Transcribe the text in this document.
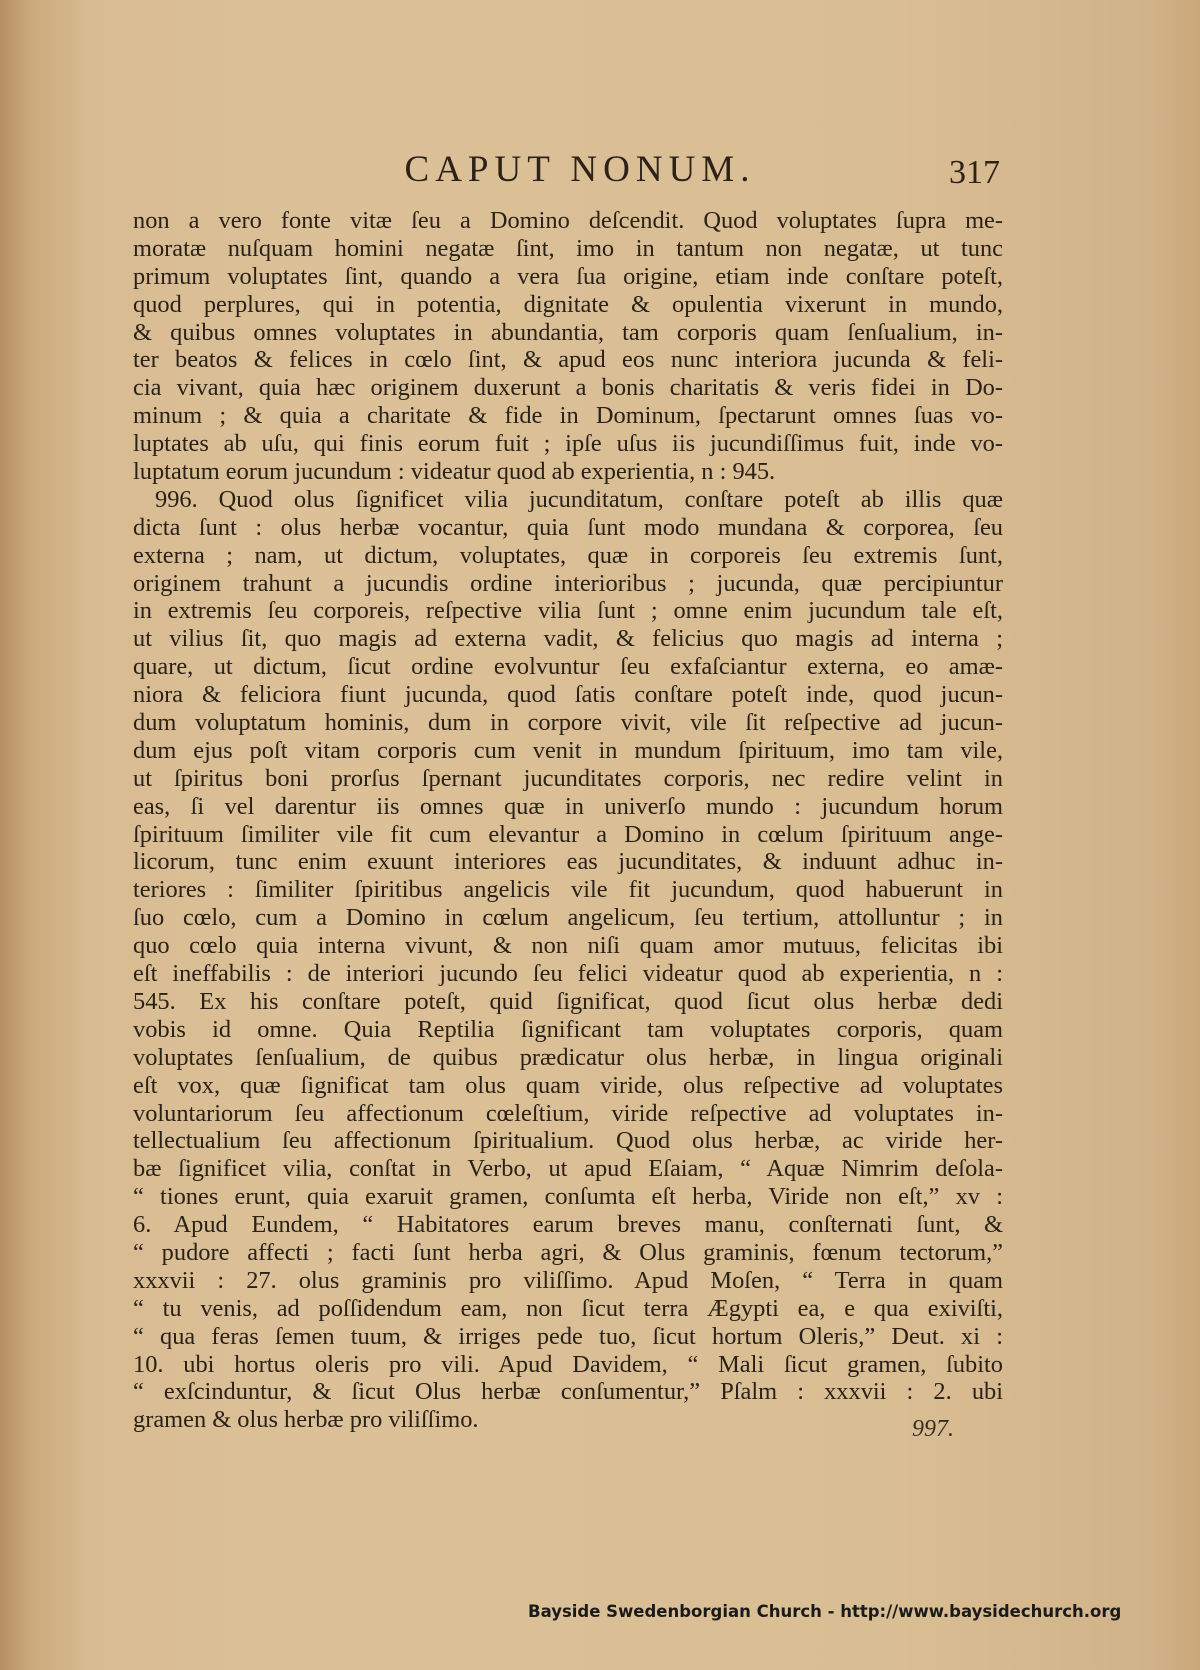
CAPUT NONUM.	317
non a vero fonte vitæ ſeu a Domino deſcendit. Quod voluptates ſupra me-
moratæ nuſquam homini negatæ ſint, imo in tantum non negatæ, ut tunc
primum voluptates ſint, quando a vera ſua origine, etiam inde conſtare poteſt,
quod perplures, qui in potentia, dignitate & opulentia vixerunt in mundo,
& quibus omnes voluptates in abundantia, tam corporis quam ſenſualium, in-
ter beatos & felices in cœlo ſint, & apud eos nunc interiora jucunda & feli-
cia vivant, quia hæc originem duxerunt a bonis charitatis & veris fidei in Do-
minum ; & quia a charitate & fide in Dominum, ſpectarunt omnes ſuas vo-
luptates ab uſu, qui finis eorum fuit ; ipſe uſus iis jucundiſſimus fuit, inde vo-
luptatum eorum jucundum : videatur quod ab experientia, n : 945.
996. Quod olus ſignificet vilia jucunditatum, conſtare poteſt ab illis quæ
dicta ſunt : olus herbæ vocantur, quia ſunt modo mundana & corporea, ſeu
externa ; nam, ut dictum, voluptates, quæ in corporeis ſeu extremis ſunt,
originem trahunt a jucundis ordine interioribus ; jucunda, quæ percipiuntur
in extremis ſeu corporeis, reſpective vilia ſunt ; omne enim jucundum tale eſt,
ut vilius ſit, quo magis ad externa vadit, & felicius quo magis ad interna ;
quare, ut dictum, ſicut ordine evolvuntur ſeu exfaſciantur externa, eo amæ-
niora & feliciora fiunt jucunda, quod ſatis conſtare poteſt inde, quod jucun-
dum voluptatum hominis, dum in corpore vivit, vile ſit reſpective ad jucun-
dum ejus poſt vitam corporis cum venit in mundum ſpirituum, imo tam vile,
ut ſpiritus boni prorſus ſpernant jucunditates corporis, nec redire velint in
eas, ſi vel darentur iis omnes quæ in univerſo mundo : jucundum horum
ſpirituum ſimiliter vile fit cum elevantur a Domino in cœlum ſpirituum ange-
licorum, tunc enim exuunt interiores eas jucunditates, & induunt adhuc in-
teriores : ſimiliter ſpiritibus angelicis vile fit jucundum, quod habuerunt in
ſuo cœlo, cum a Domino in cœlum angelicum, ſeu tertium, attolluntur ; in
quo cœlo quia interna vivunt, & non niſi quam amor mutuus, felicitas ibi
eſt ineffabilis : de interiori jucundo ſeu felici videatur quod ab experientia, n :
545. Ex his conſtare poteſt, quid ſignificat, quod ſicut olus herbæ dedi
vobis id omne. Quia Reptilia ſignificant tam voluptates corporis, quam
voluptates ſenſualium, de quibus prædicatur olus herbæ, in lingua originali
eſt vox, quæ ſignificat tam olus quam viride, olus reſpective ad voluptates
voluntariorum ſeu affectionum cœleſtium, viride reſpective ad voluptates in-
tellectualium ſeu affectionum ſpiritualium. Quod olus herbæ, ac viride her-
bæ ſignificet vilia, conſtat in Verbo, ut apud Eſaiam, “ Aquæ Nimrim deſola-
“ tiones erunt, quia exaruit gramen, conſumta eſt herba, Viride non eſt,” xv :
6. Apud Eundem, “ Habitatores earum breves manu, conſternati ſunt, &
“ pudore affecti ; facti ſunt herba agri, & Olus graminis, fœnum tectorum,”
xxxvii : 27. olus graminis pro viliſſimo. Apud Moſen, “ Terra in quam
“ tu venis, ad poſſidendum eam, non ſicut terra Ægypti ea, e qua exiviſti,
“ qua feras ſemen tuum, & irriges pede tuo, ſicut hortum Oleris,” Deut. xi :
10. ubi hortus oleris pro vili. Apud Davidem, “ Mali ſicut gramen, ſubito
“ exſcinduntur, & ſicut Olus herbæ conſumentur,” Pſalm : xxxvii : 2. ubi
gramen & olus herbæ pro viliſſimo.	997.
Bayside Swedenborgian Church - http://www.baysidechurch.org
